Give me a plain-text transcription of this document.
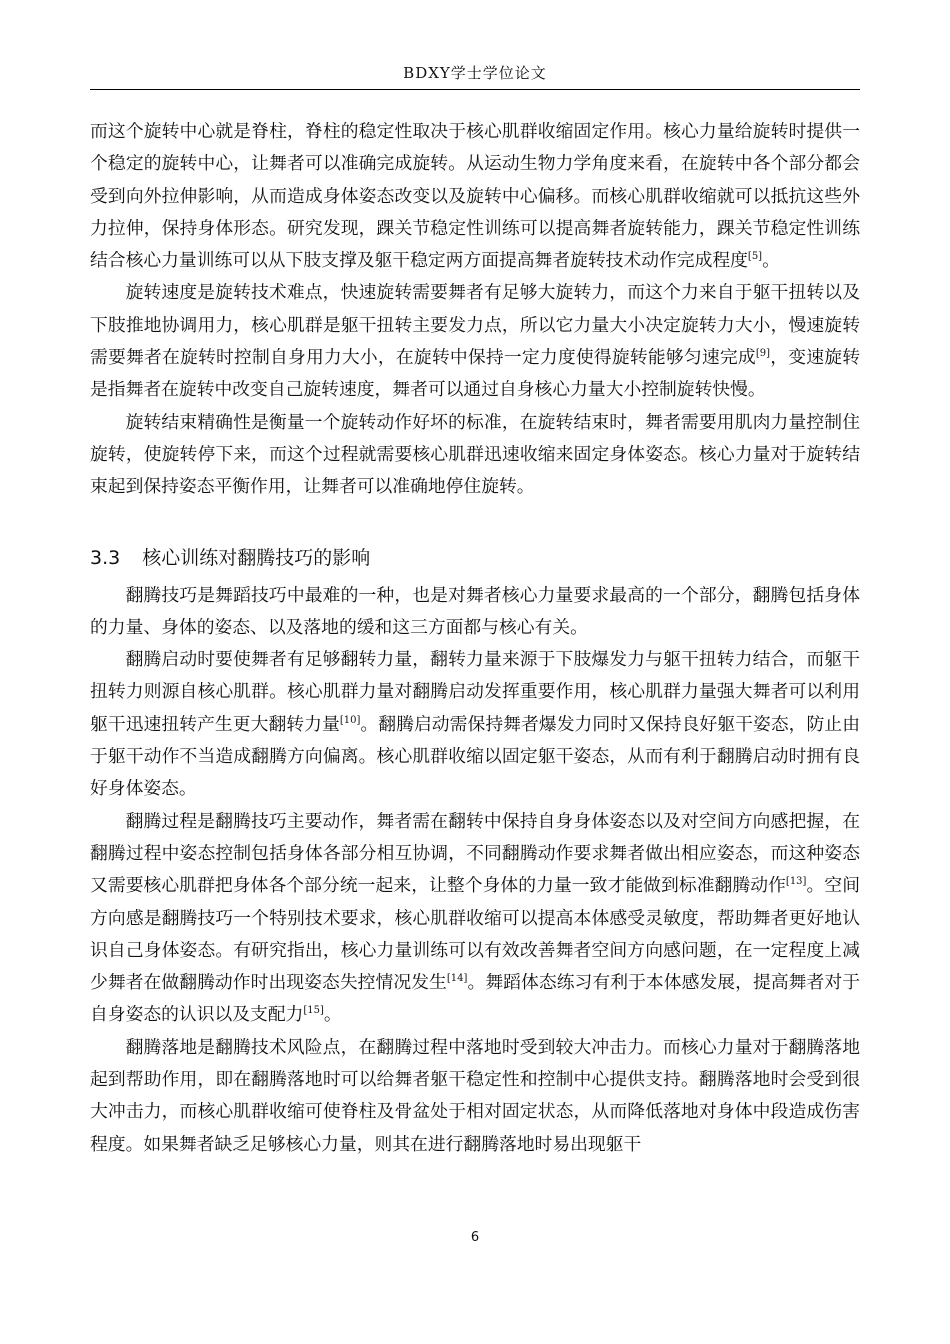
BDXY学士学位论文

而这个旋转中心就是脊柱，脊柱的稳定性取决于核心肌群收缩固定作用。核心力量给旋转时提供一个稳定的旋转中心，让舞者可以准确完成旋转。从运动生物力学角度来看，在旋转中各个部分都会受到向外拉伸影响，从而造成身体姿态改变以及旋转中心偏移。而核心肌群收缩就可以抵抗这些外力拉伸，保持身体形态。研究发现，踝关节稳定性训练可以提高舞者旋转能力，踝关节稳定性训练结合核心力量训练可以从下肢支撑及躯干稳定两方面提高舞者旋转技术动作完成程度[5]。

旋转速度是旋转技术难点，快速旋转需要舞者有足够大旋转力，而这个力来自于躯干扭转以及下肢推地协调用力，核心肌群是躯干扭转主要发力点，所以它力量大小决定旋转力大小，慢速旋转需要舞者在旋转时控制自身用力大小，在旋转中保持一定力度使得旋转能够匀速完成[9]，变速旋转是指舞者在旋转中改变自己旋转速度，舞者可以通过自身核心力量大小控制旋转快慢。

旋转结束精确性是衡量一个旋转动作好坏的标准，在旋转结束时，舞者需要用肌肉力量控制住旋转，使旋转停下来，而这个过程就需要核心肌群迅速收缩来固定身体姿态。核心力量对于旋转结束起到保持姿态平衡作用，让舞者可以准确地停住旋转。

3.3 核心训练对翻腾技巧的影响

翻腾技巧是舞蹈技巧中最难的一种，也是对舞者核心力量要求最高的一个部分，翻腾包括身体的力量、身体的姿态、以及落地的缓和这三方面都与核心有关。

翻腾启动时要使舞者有足够翻转力量，翻转力量来源于下肢爆发力与躯干扭转力结合，而躯干扭转力则源自核心肌群。核心肌群力量对翻腾启动发挥重要作用，核心肌群力量强大舞者可以利用躯干迅速扭转产生更大翻转力量[10]。翻腾启动需保持舞者爆发力同时又保持良好躯干姿态，防止由于躯干动作不当造成翻腾方向偏离。核心肌群收缩以固定躯干姿态，从而有利于翻腾启动时拥有良好身体姿态。

翻腾过程是翻腾技巧主要动作，舞者需在翻转中保持自身身体姿态以及对空间方向感把握，在翻腾过程中姿态控制包括身体各部分相互协调，不同翻腾动作要求舞者做出相应姿态，而这种姿态又需要核心肌群把身体各个部分统一起来，让整个身体的力量一致才能做到标准翻腾动作[13]。空间方向感是翻腾技巧一个特别技术要求，核心肌群收缩可以提高本体感受灵敏度，帮助舞者更好地认识自己身体姿态。有研究指出，核心力量训练可以有效改善舞者空间方向感问题，在一定程度上减少舞者在做翻腾动作时出现姿态失控情况发生[14]。舞蹈体态练习有利于本体感发展，提高舞者对于自身姿态的认识以及支配力[15]。

翻腾落地是翻腾技术风险点，在翻腾过程中落地时受到较大冲击力。而核心力量对于翻腾落地起到帮助作用，即在翻腾落地时可以给舞者躯干稳定性和控制中心提供支持。翻腾落地时会受到很大冲击力，而核心肌群收缩可使脊柱及骨盆处于相对固定状态，从而降低落地对身体中段造成伤害程度。如果舞者缺乏足够核心力量，则其在进行翻腾落地时易出现躯干

6
